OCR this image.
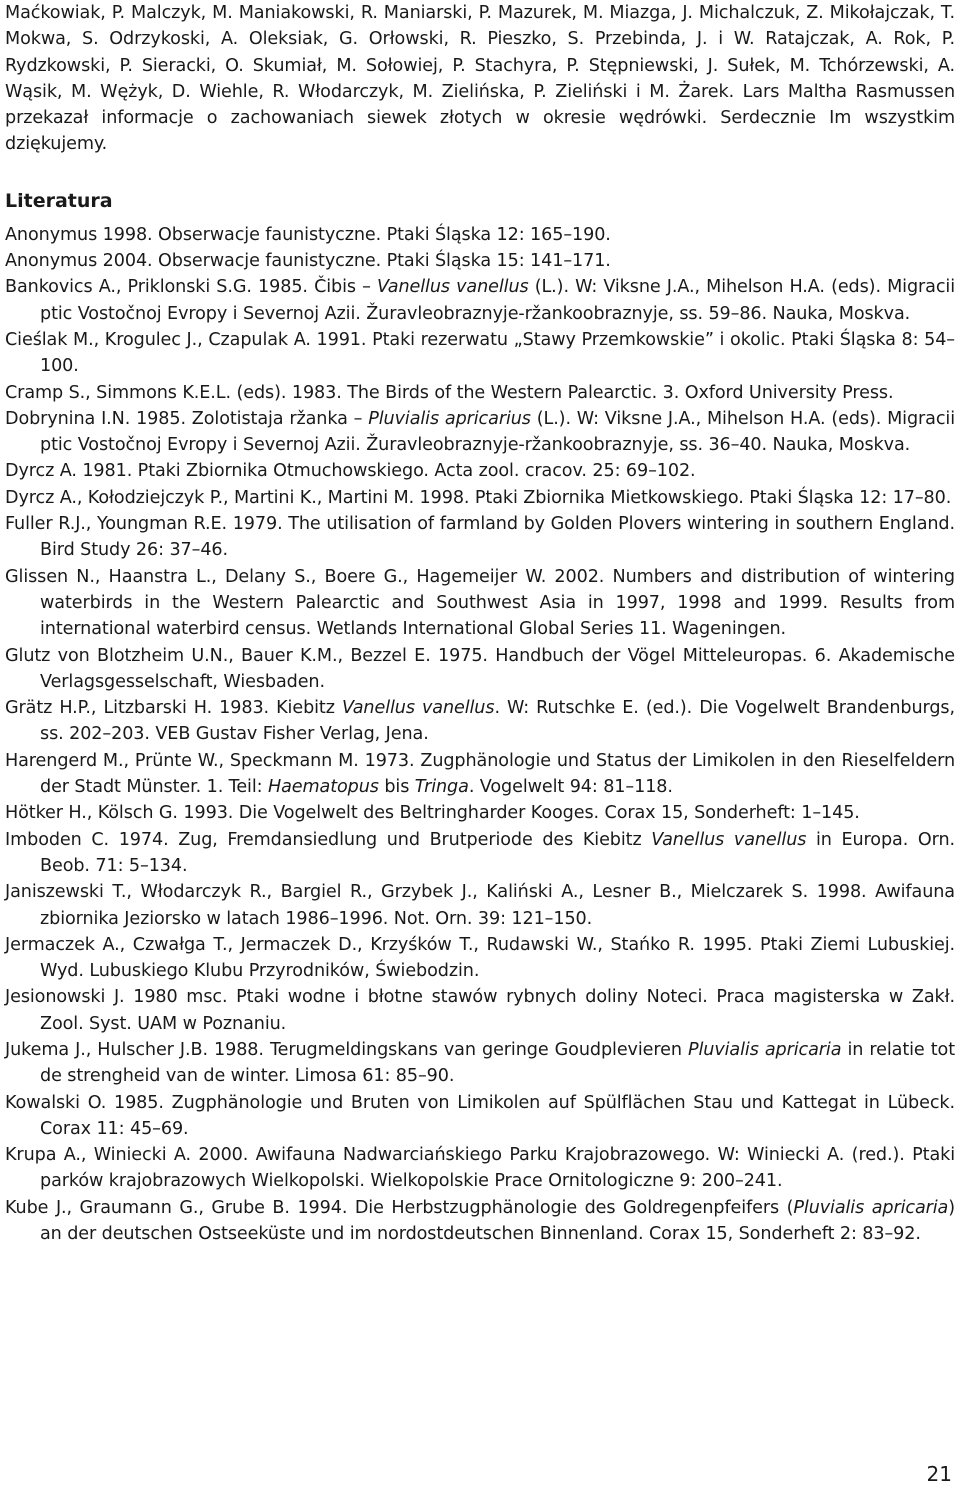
Maćkowiak, P. Malczyk, M. Maniakowski, R. Maniarski, P. Mazurek, M. Miazga, J. Michalczuk, Z. Mikołajczak, T. Mokwa, S. Odrzykoski, A. Oleksiak, G. Orłowski, R. Pieszko, S. Przebinda, J. i W. Ratajczak, A. Rok, P. Rydzkowski, P. Sieracki, O. Skumiał, M. Sołowiej, P. Stachyra, P. Stępniewski, J. Sułek, M. Tchórzewski, A. Wąsik, M. Wężyk, D. Wiehle, R. Włodarczyk, M. Zielińska, P. Zieliński i M. Żarek. Lars Maltha Rasmussen przekazał informacje o zachowaniach siewek złotych w okresie wędrówki. Serdecznie Im wszystkim dziękujemy.

Literatura
Anonymus 1998. Obserwacje faunistyczne. Ptaki Śląska 12: 165–190.
Anonymus 2004. Obserwacje faunistyczne. Ptaki Śląska 15: 141–171.
Bankovics A., Priklonski S.G. 1985. Čibis – Vanellus vanellus (L.). W: Viksne J.A., Mihelson H.A. (eds). Migracii ptic Vostočnoj Evropy i Severnoj Azii. Žuravleobraznyje-ržankoobraznyje, ss. 59–86. Nauka, Moskva.
Cieślak M., Krogulec J., Czapulak A. 1991. Ptaki rezerwatu „Stawy Przemkowskie” i okolic. Ptaki Śląska 8: 54–100.
Cramp S., Simmons K.E.L. (eds). 1983. The Birds of the Western Palearctic. 3. Oxford University Press.
Dobrynina I.N. 1985. Zolotistaja ržanka – Pluvialis apricarius (L.). W: Viksne J.A., Mihelson H.A. (eds). Migracii ptic Vostočnoj Evropy i Severnoj Azii. Žuravleobraznyje-ržankoobraznyje, ss. 36–40. Nauka, Moskva.
Dyrcz A. 1981. Ptaki Zbiornika Otmuchowskiego. Acta zool. cracov. 25: 69–102.
Dyrcz A., Kołodziejczyk P., Martini K., Martini M. 1998. Ptaki Zbiornika Mietkowskiego. Ptaki Śląska 12: 17–80.
Fuller R.J., Youngman R.E. 1979. The utilisation of farmland by Golden Plovers wintering in southern England. Bird Study 26: 37–46.
Glissen N., Haanstra L., Delany S., Boere G., Hagemeijer W. 2002. Numbers and distribution of wintering waterbirds in the Western Palearctic and Southwest Asia in 1997, 1998 and 1999. Results from international waterbird census. Wetlands International Global Series 11. Wageningen.
Glutz von Blotzheim U.N., Bauer K.M., Bezzel E. 1975. Handbuch der Vögel Mitteleuropas. 6. Akademische Verlagsgesselschaft, Wiesbaden.
Grätz H.P., Litzbarski H. 1983. Kiebitz Vanellus vanellus. W: Rutschke E. (ed.). Die Vogelwelt Brandenburgs, ss. 202–203. VEB Gustav Fisher Verlag, Jena.
Harengerd M., Prünte W., Speckmann M. 1973. Zugphänologie und Status der Limikolen in den Rieselfeldern der Stadt Münster. 1. Teil: Haematopus bis Tringa. Vogelwelt 94: 81–118.
Hötker H., Kölsch G. 1993. Die Vogelwelt des Beltringharder Kooges. Corax 15, Sonderheft: 1–145.
Imboden C. 1974. Zug, Fremdansiedlung und Brutperiode des Kiebitz Vanellus vanellus in Europa. Orn. Beob. 71: 5–134.
Janiszewski T., Włodarczyk R., Bargiel R., Grzybek J., Kaliński A., Lesner B., Mielczarek S. 1998. Awifauna zbiornika Jeziorsko w latach 1986–1996. Not. Orn. 39: 121–150.
Jermaczek A., Czwałga T., Jermaczek D., Krzyśków T., Rudawski W., Stańko R. 1995. Ptaki Ziemi Lubuskiej. Wyd. Lubuskiego Klubu Przyrodników, Świebodzin.
Jesionowski J. 1980 msc. Ptaki wodne i błotne stawów rybnych doliny Noteci. Praca magisterska w Zakł. Zool. Syst. UAM w Poznaniu.
Jukema J., Hulscher J.B. 1988. Terugmeldingskans van geringe Goudplevieren Pluvialis apricaria in relatie tot de strengheid van de winter. Limosa 61: 85–90.
Kowalski O. 1985. Zugphänologie und Bruten von Limikolen auf Spülflächen Stau und Kattegat in Lübeck. Corax 11: 45–69.
Krupa A., Winiecki A. 2000. Awifauna Nadwarciańskiego Parku Krajobrazowego. W: Winiecki A. (red.). Ptaki parków krajobrazowych Wielkopolski. Wielkopolskie Prace Ornitologiczne 9: 200–241.
Kube J., Graumann G., Grube B. 1994. Die Herbstzugphänologie des Goldregenpfeifers (Pluvialis apricaria) an der deutschen Ostseeküste und im nordostdeutschen Binnenland. Corax 15, Sonderheft 2: 83–92.
21
